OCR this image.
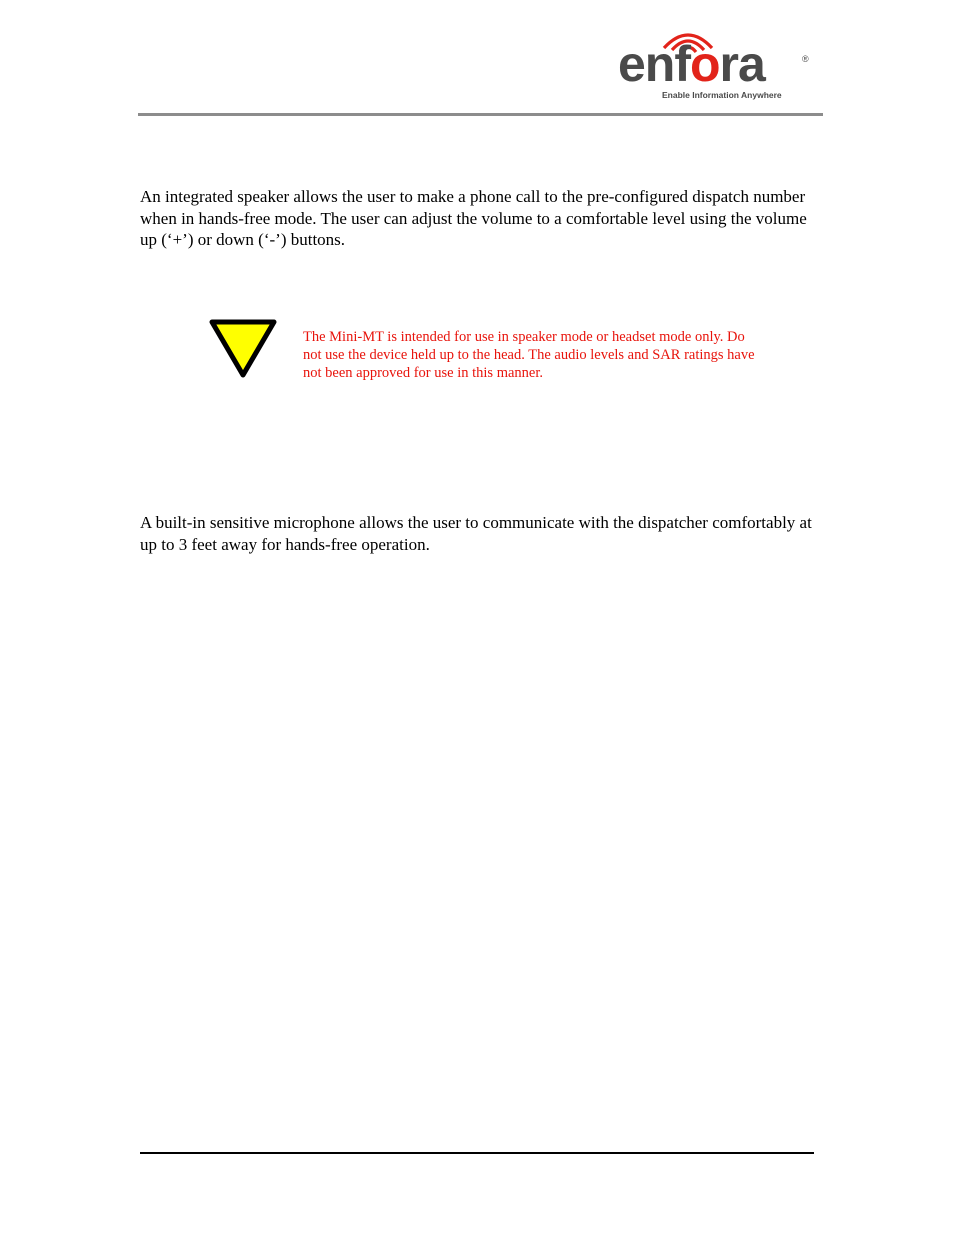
enfora	®
Enable Information Anywhere

An integrated speaker allows the user to make a phone call to the pre-configured dispatch number when in hands-free mode. The user can adjust the volume to a comfortable level using the volume up (‘+’) or down (‘-’) buttons.

The Mini-MT is intended for use in speaker mode or headset mode only. Do not use the device held up to the head. The audio levels and SAR ratings have not been approved for use in this manner.

A built-in sensitive microphone allows the user to communicate with the dispatcher comfortably at up to 3 feet away for hands-free operation.
